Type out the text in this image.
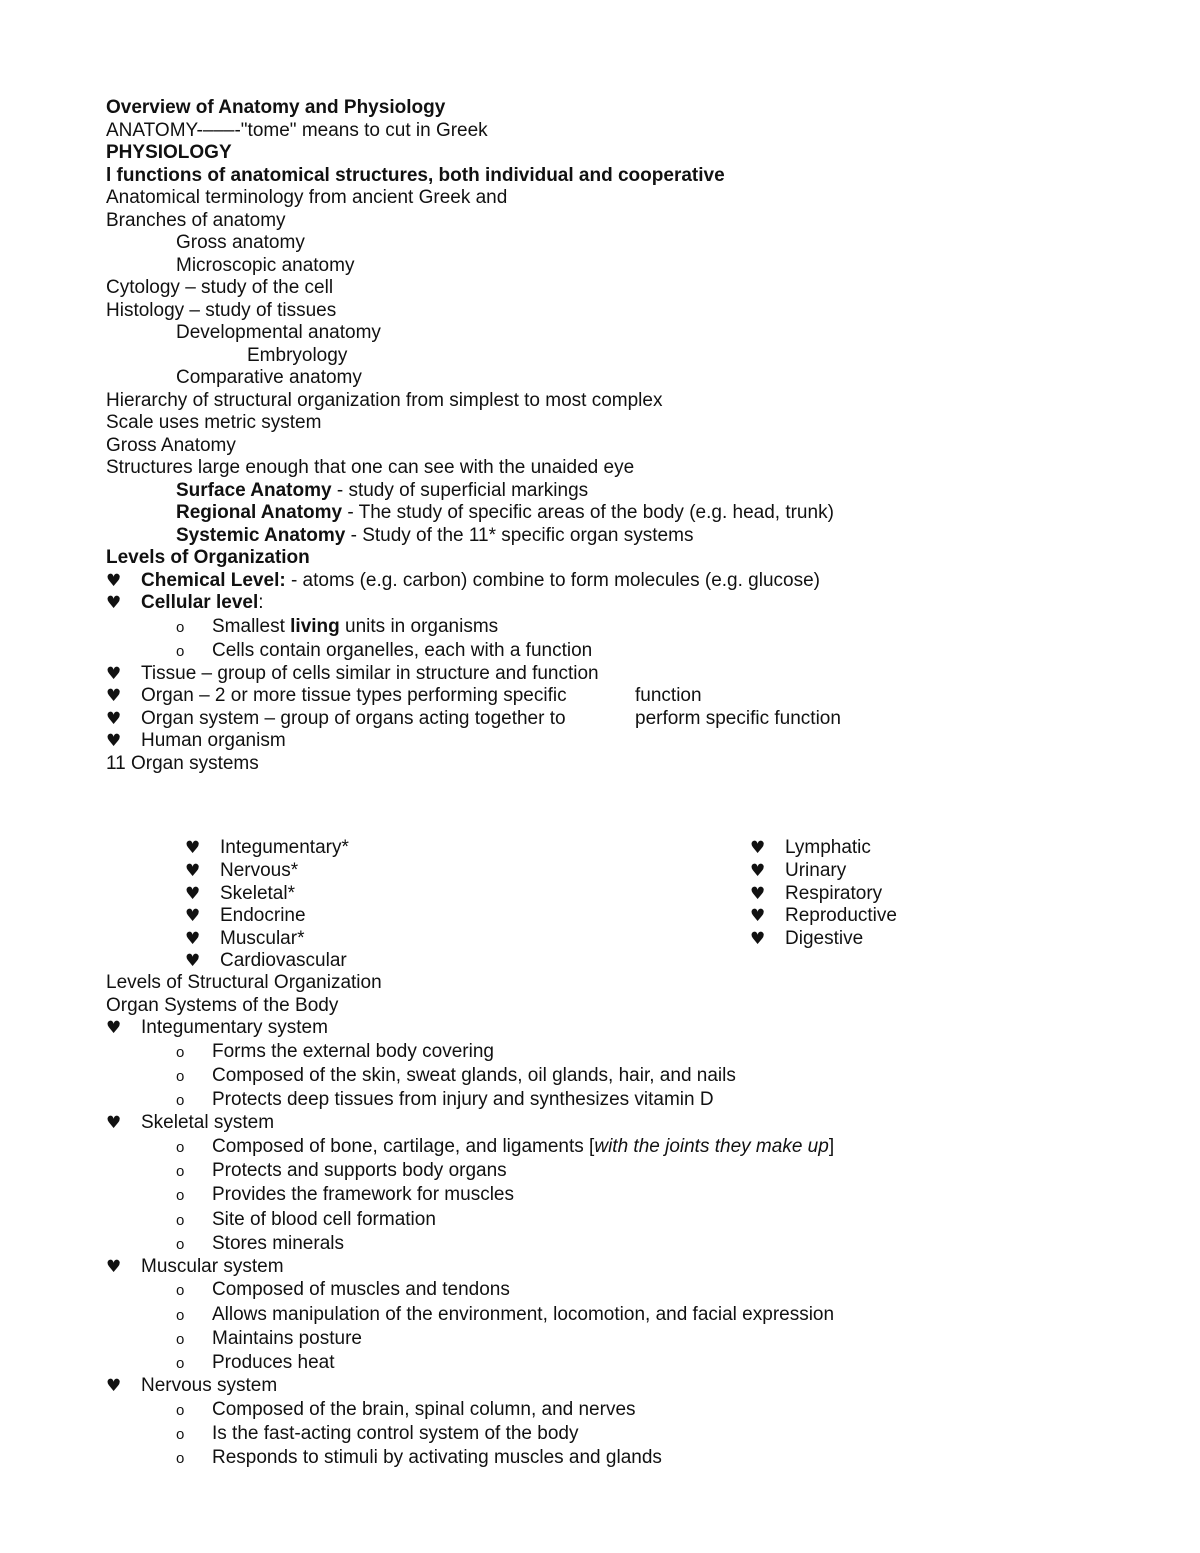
Overview of Anatomy and Physiology
ANATOMY-–––-"tome" means to cut in Greek
PHYSIOLOGY
l functions of anatomical structures, both individual and cooperative
Anatomical terminology from ancient Greek and
Branches of anatomy
Gross anatomy
Microscopic anatomy
Cytology – study of the cell
Histology – study of tissues
Developmental anatomy
Embryology
Comparative anatomy
Hierarchy of structural organization from simplest to most complex
Scale uses metric system
Gross Anatomy
Structures large enough that one can see with the unaided eye
Surface Anatomy - study of superficial markings
Regional Anatomy - The study of specific areas of the body (e.g. head, trunk)
Systemic Anatomy - Study of the 11* specific organ systems
Levels of Organization
♥ Chemical Level: - atoms (e.g. carbon) combine to form molecules (e.g. glucose)
♥ Cellular level:
o Smallest living units in organisms
o Cells contain organelles, each with a function
♥ Tissue – group of cells similar in structure and function
♥ Organ – 2 or more tissue types performing specific	function
♥ Organ system – group of organs acting together to	perform specific function
♥ Human organism
11 Organ systems
♥ Integumentary*
♥ Nervous*
♥ Skeletal*
♥ Endocrine
♥ Muscular*
♥ Cardiovascular
♥ Lymphatic
♥ Urinary
♥ Respiratory
♥ Reproductive
♥ Digestive
Levels of Structural Organization
Organ Systems of the Body
♥ Integumentary system
o Forms the external body covering
o Composed of the skin, sweat glands, oil glands, hair, and nails
o Protects deep tissues from injury and synthesizes vitamin D
♥ Skeletal system
o Composed of bone, cartilage, and ligaments [with the joints they make up]
o Protects and supports body organs
o Provides the framework for muscles
o Site of blood cell formation
o Stores minerals
♥ Muscular system
o Composed of muscles and tendons
o Allows manipulation of the environment, locomotion, and facial expression
o Maintains posture
o Produces heat
♥ Nervous system
o Composed of the brain, spinal column, and nerves
o Is the fast-acting control system of the body
o Responds to stimuli by activating muscles and glands
